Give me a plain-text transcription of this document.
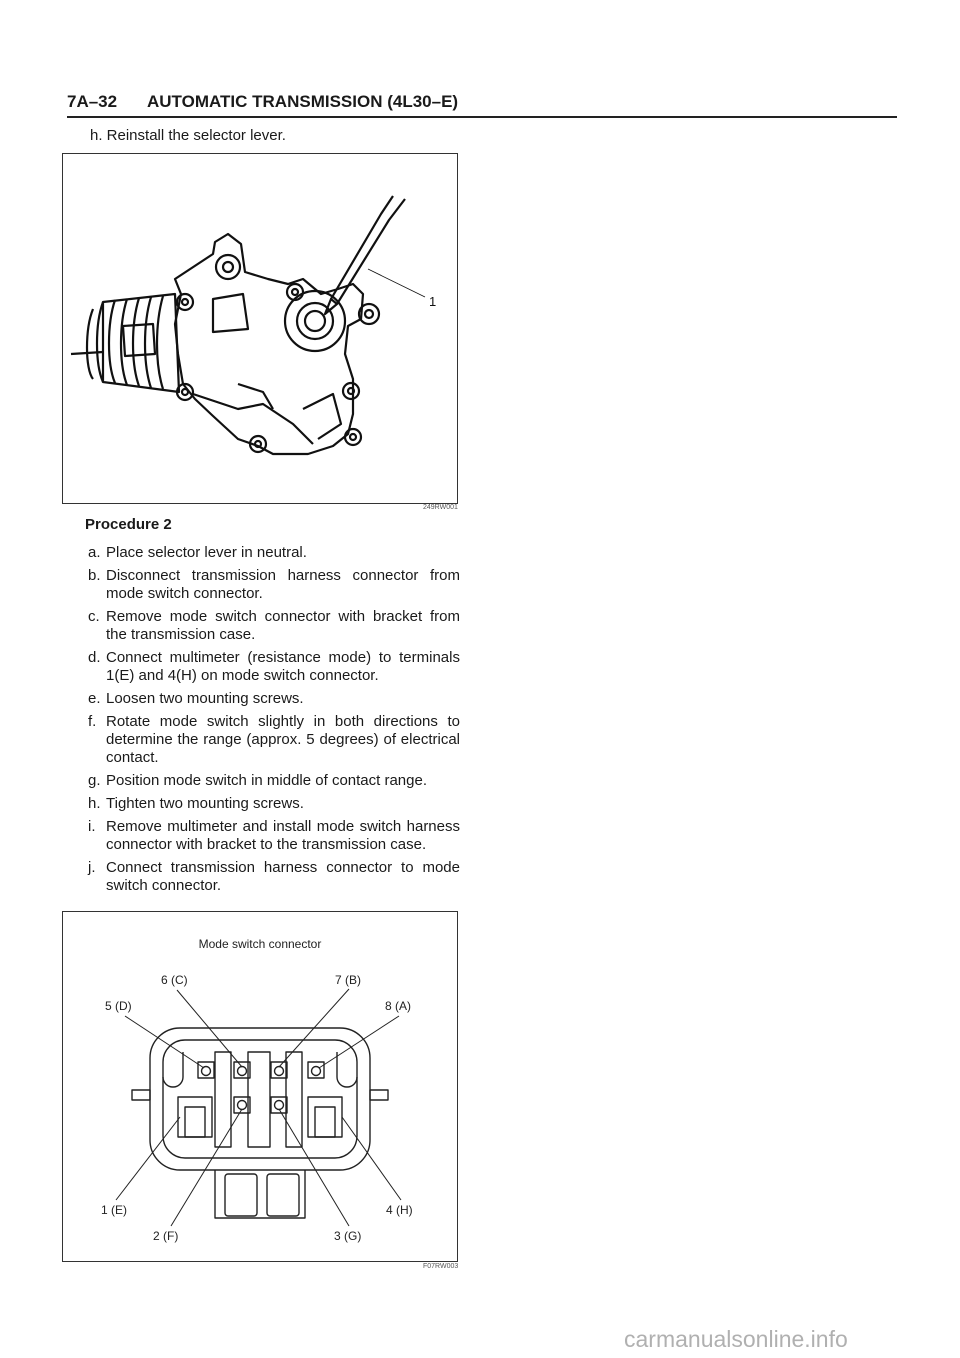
7A–32 AUTOMATIC TRANSMISSION (4L30–E)
h. Reinstall the selector lever.
1
249RW001
Procedure 2
a. Place selector lever in neutral.
b. Disconnect transmission harness connector from mode switch connector.
c. Remove mode switch connector with bracket from the transmission case.
d. Connect multimeter (resistance mode) to terminals 1(E) and 4(H) on mode switch connector.
e. Loosen two mounting screws.
f. Rotate mode switch slightly in both directions to determine the range (approx. 5 degrees) of electrical contact.
g. Position mode switch in middle of contact range.
h. Tighten two mounting screws.
i. Remove multimeter and install mode switch harness connector with bracket to the transmission case.
j. Connect transmission harness connector to mode switch connector.
Mode switch connector
6 (C)	7 (B)
5 (D)	8 (A)
1 (E)	4 (H)
2 (F)	3 (G)
F07RW003
carmanualsonline.info
